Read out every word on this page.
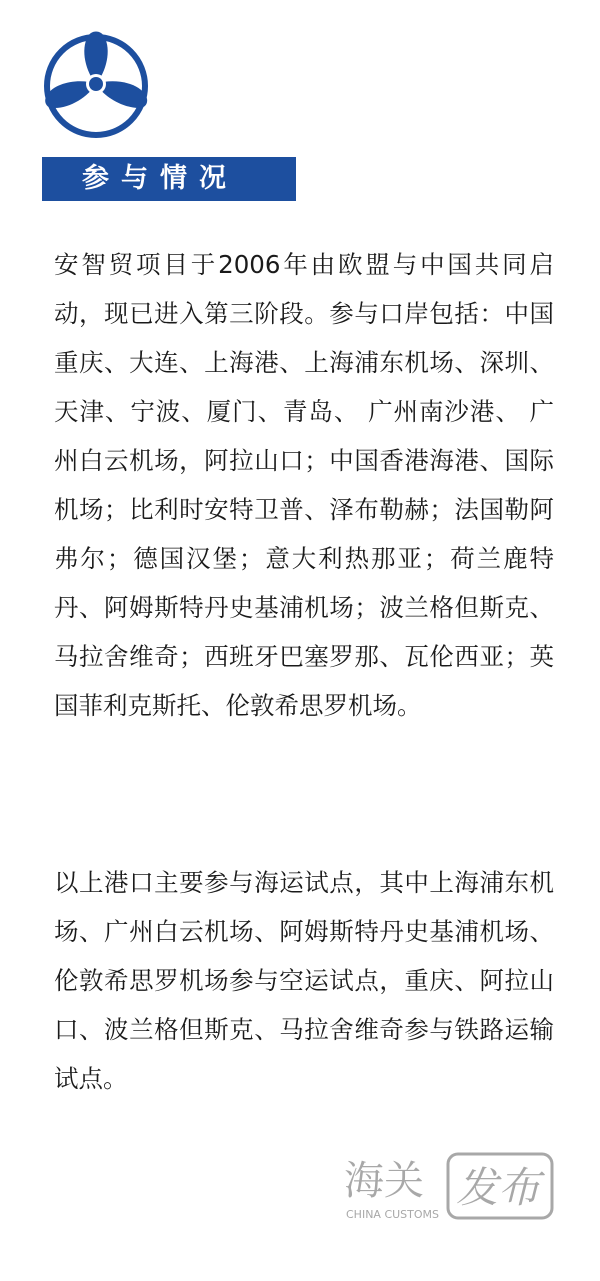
参与情况

安智贸项目于2006年由欧盟与中国共同启动，现已进入第三阶段。参与口岸包括：中国重庆、大连、上海港、上海浦东机场、深圳、天津、宁波、厦门、青岛、 广州南沙港、 广州白云机场，阿拉山口；中国香港海港、国际机场；比利时安特卫普、泽布勒赫；法国勒阿弗尔；德国汉堡；意大利热那亚；荷兰鹿特丹、阿姆斯特丹史基浦机场；波兰格但斯克、马拉舍维奇；西班牙巴塞罗那、瓦伦西亚；英国菲利克斯托、伦敦希思罗机场。

以上港口主要参与海运试点，其中上海浦东机场、广州白云机场、阿姆斯特丹史基浦机场、伦敦希思罗机场参与空运试点，重庆、阿拉山口、波兰格但斯克、马拉舍维奇参与铁路运输试点。

海关 发布
CHINA CUSTOMS
